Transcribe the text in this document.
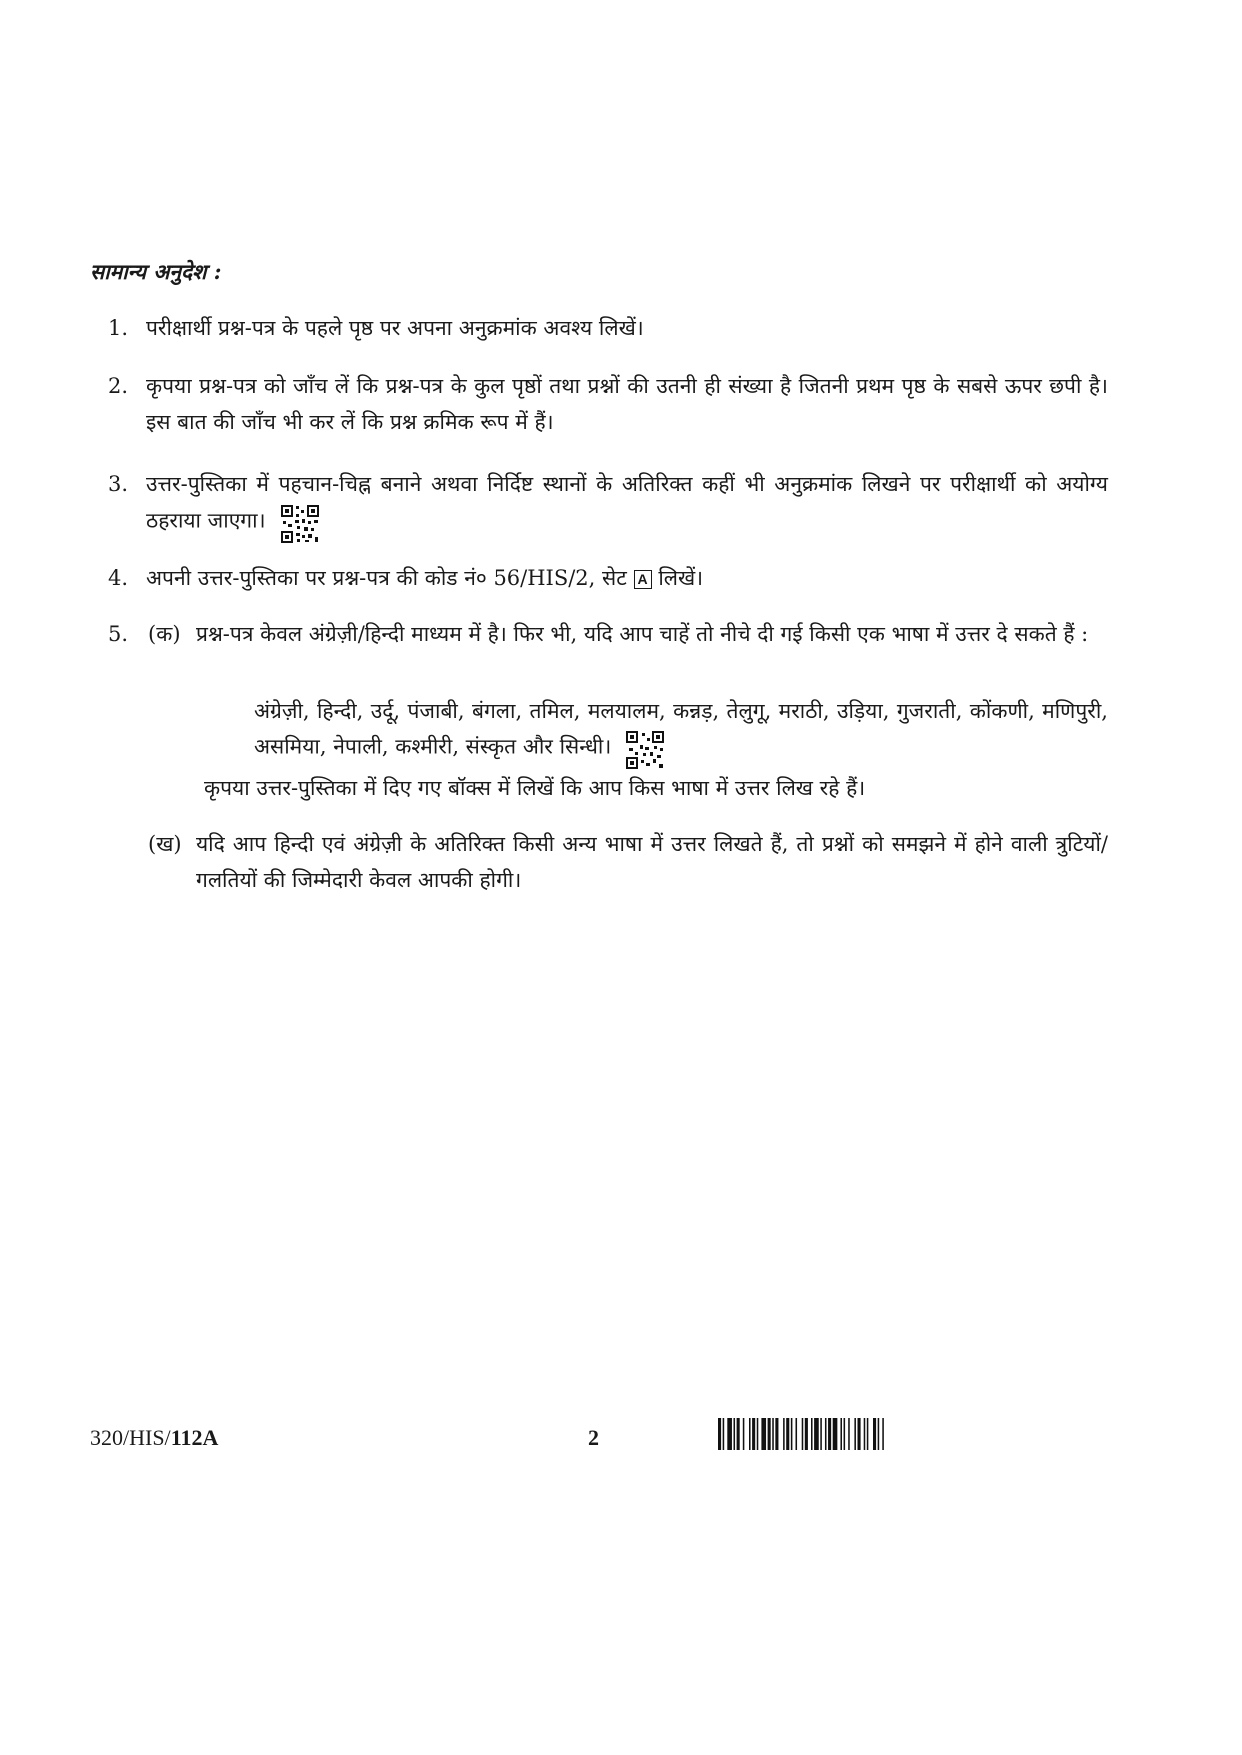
सामान्य अनुदेश :
1. परीक्षार्थी प्रश्न-पत्र के पहले पृष्ठ पर अपना अनुक्रमांक अवश्य लिखें।
2. कृपया प्रश्न-पत्र को जाँच लें कि प्रश्न-पत्र के कुल पृष्ठों तथा प्रश्नों की उतनी ही संख्या है जितनी प्रथम पृष्ठ के सबसे ऊपर छपी है। इस बात की जाँच भी कर लें कि प्रश्न क्रमिक रूप में हैं।
3. उत्तर-पुस्तिका में पहचान-चिह्न बनाने अथवा निर्दिष्ट स्थानों के अतिरिक्त कहीं भी अनुक्रमांक लिखने पर परीक्षार्थी को अयोग्य ठहराया जाएगा।
4. अपनी उत्तर-पुस्तिका पर प्रश्न-पत्र की कोड नं० 56/HIS/2, सेट A लिखें।
5. (क) प्रश्न-पत्र केवल अंग्रेज़ी/हिन्दी माध्यम में है। फिर भी, यदि आप चाहें तो नीचे दी गई किसी एक भाषा में उत्तर दे सकते हैं :
अंग्रेज़ी, हिन्दी, उर्दू, पंजाबी, बंगला, तमिल, मलयालम, कन्नड़, तेलुगू, मराठी, उड़िया, गुजराती, कोंकणी, मणिपुरी, असमिया, नेपाली, कश्मीरी, संस्कृत और सिन्धी।
कृपया उत्तर-पुस्तिका में दिए गए बॉक्स में लिखें कि आप किस भाषा में उत्तर लिख रहे हैं।
(ख) यदि आप हिन्दी एवं अंग्रेज़ी के अतिरिक्त किसी अन्य भाषा में उत्तर लिखते हैं, तो प्रश्नों को समझने में होने वाली त्रुटियों/गलतियों की जिम्मेदारी केवल आपकी होगी।
320/HIS/112A	2
